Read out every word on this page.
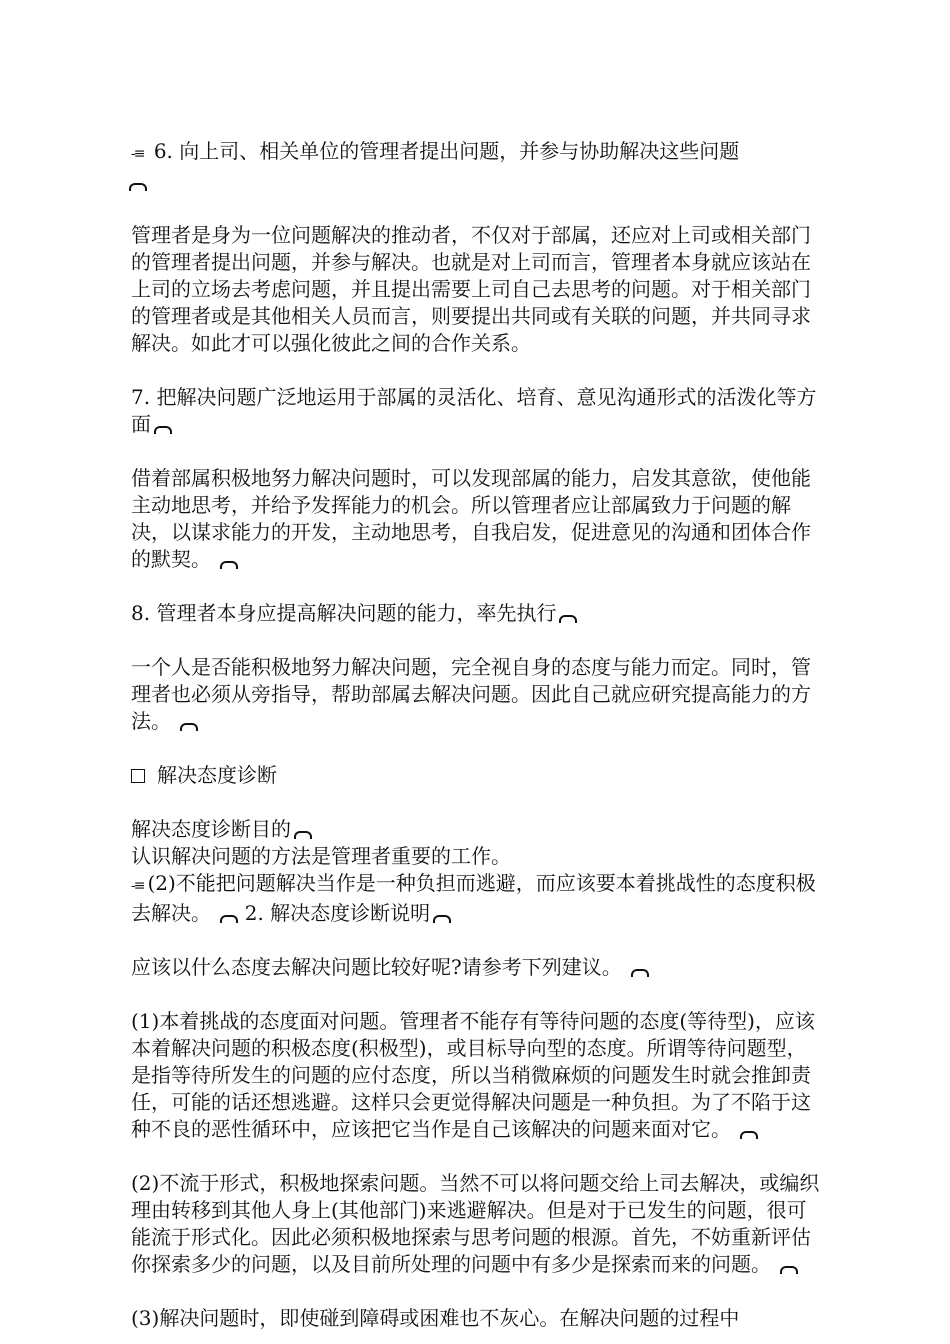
-≡ 6. 向上司、相关单位的管理者提出问题，并参与协助解决这些问题

管理者是身为一位问题解决的推动者，不仅对于部属，还应对上司或相关部门的管理者提出问题，并参与解决。也就是对上司而言，管理者本身就应该站在上司的立场去考虑问题，并且提出需要上司自己去思考的问题。对于相关部门的管理者或是其他相关人员而言，则要提出共同或有关联的问题，并共同寻求解决。如此才可以强化彼此之间的合作关系。

7. 把解决问题广泛地运用于部属的灵活化、培育、意见沟通形式的活泼化等方面

借着部属积极地努力解决问题时，可以发现部属的能力，启发其意欲，使他能主动地思考，并给予发挥能力的机会。所以管理者应让部属致力于问题的解决，以谋求能力的开发，主动地思考，自我启发，促进意见的沟通和团体合作的默契。

8. 管理者本身应提高解决问题的能力，率先执行

一个人是否能积极地努力解决问题，完全视自身的态度与能力而定。同时，管理者也必须从旁指导，帮助部属去解决问题。因此自己就应研究提高能力的方法。

解决态度诊断

解决态度诊断目的

认识解决问题的方法是管理者重要的工作。

-≡ (2)不能把问题解决当作是一种负担而逃避，而应该要本着挑战性的态度积极去解决。 2. 解决态度诊断说明

应该以什么态度去解决问题比较好呢?请参考下列建议。

(1)本着挑战的态度面对问题。管理者不能存有等待问题的态度(等待型)，应该本着解决问题的积极态度(积极型)，或目标导向型的态度。所谓等待问题型，是指等待所发生的问题的应付态度，所以当稍微麻烦的问题发生时就会推卸责任，可能的话还想逃避。这样只会更觉得解决问题是一种负担。为了不陷于这种不良的恶性循环中，应该把它当作是自己该解决的问题来面对它。

(2)不流于形式，积极地探索问题。当然不可以将问题交给上司去解决，或编织理由转移到其他人身上(其他部门)来逃避解决。但是对于已发生的问题，很可能流于形式化。因此必须积极地探索与思考问题的根源。首先，不妨重新评估你探索多少的问题，以及目前所处理的问题中有多少是探索而来的问题。

(3)解决问题时，即使碰到障碍或困难也不灰心。在解决问题的过程中
